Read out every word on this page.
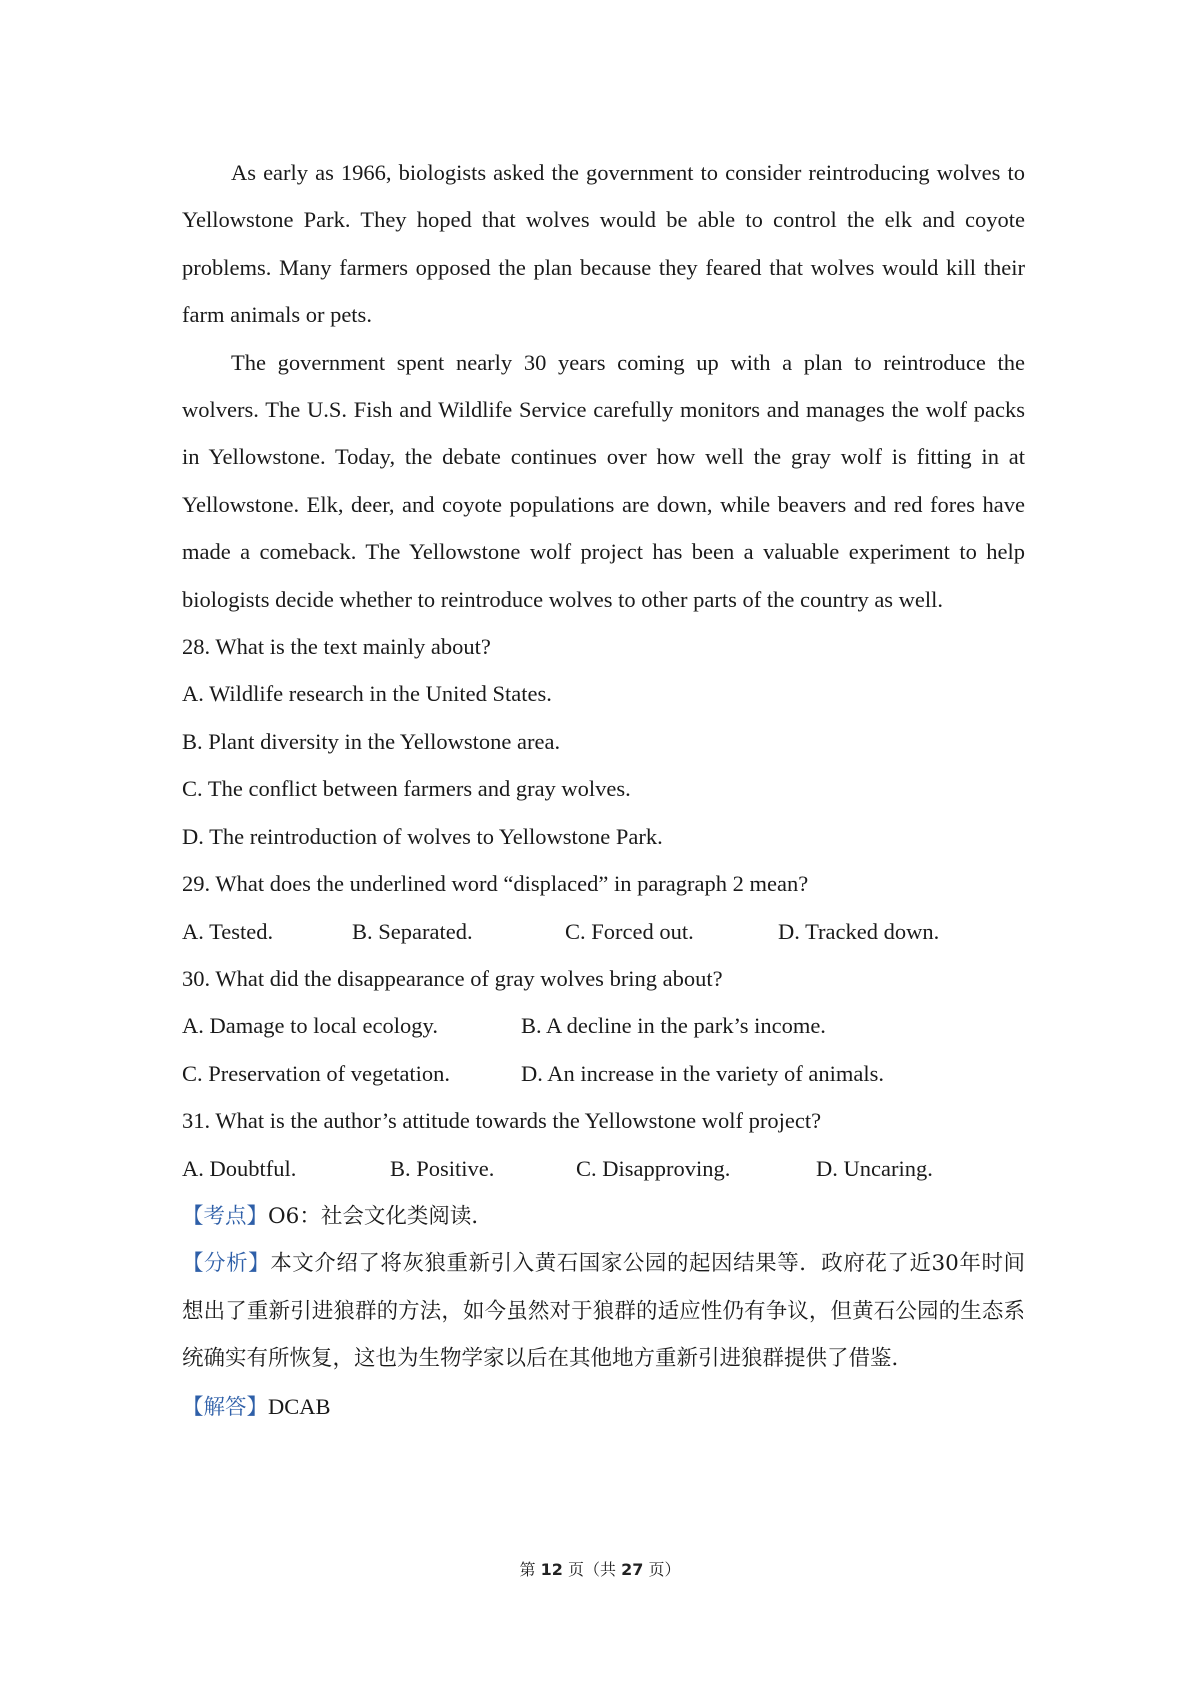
As early as 1966, biologists asked the government to consider reintroducing wolves to Yellowstone Park. They hoped that wolves would be able to control the elk and coyote problems. Many farmers opposed the plan because they feared that wolves would kill their farm animals or pets.

The government spent nearly 30 years coming up with a plan to reintroduce the wolvers. The U.S. Fish and Wildlife Service carefully monitors and manages the wolf packs in Yellowstone. Today, the debate continues over how well the gray wolf is fitting in at Yellowstone. Elk, deer, and coyote populations are down, while beavers and red fores have made a comeback. The Yellowstone wolf project has been a valuable experiment to help biologists decide whether to reintroduce wolves to other parts of the country as well.

28. What is the text mainly about?

A. Wildlife research in the United States.

B. Plant diversity in the Yellowstone area.

C. The conflict between farmers and gray wolves.

D. The reintroduction of wolves to Yellowstone Park.

29. What does the underlined word “displaced” in paragraph 2 mean?

A. Tested.	B. Separated.	C. Forced out.	D. Tracked down.

30. What did the disappearance of gray wolves bring about?

A. Damage to local ecology.	B. A decline in the park’s income.
C. Preservation of vegetation.	D. An increase in the variety of animals.

31. What is the author’s attitude towards the Yellowstone wolf project?

A. Doubtful.	B. Positive.	C. Disapproving.	D. Uncaring.

【考点】O6：社会文化类阅读．

【分析】本文介绍了将灰狼重新引入黄石国家公园的起因结果等．政府花了近30年时间想出了重新引进狼群的方法，如今虽然对于狼群的适应性仍有争议，但黄石公园的生态系统确实有所恢复，这也为生物学家以后在其他地方重新引进狼群提供了借鉴．

【解答】DCAB

第 12 页（共 27 页）
